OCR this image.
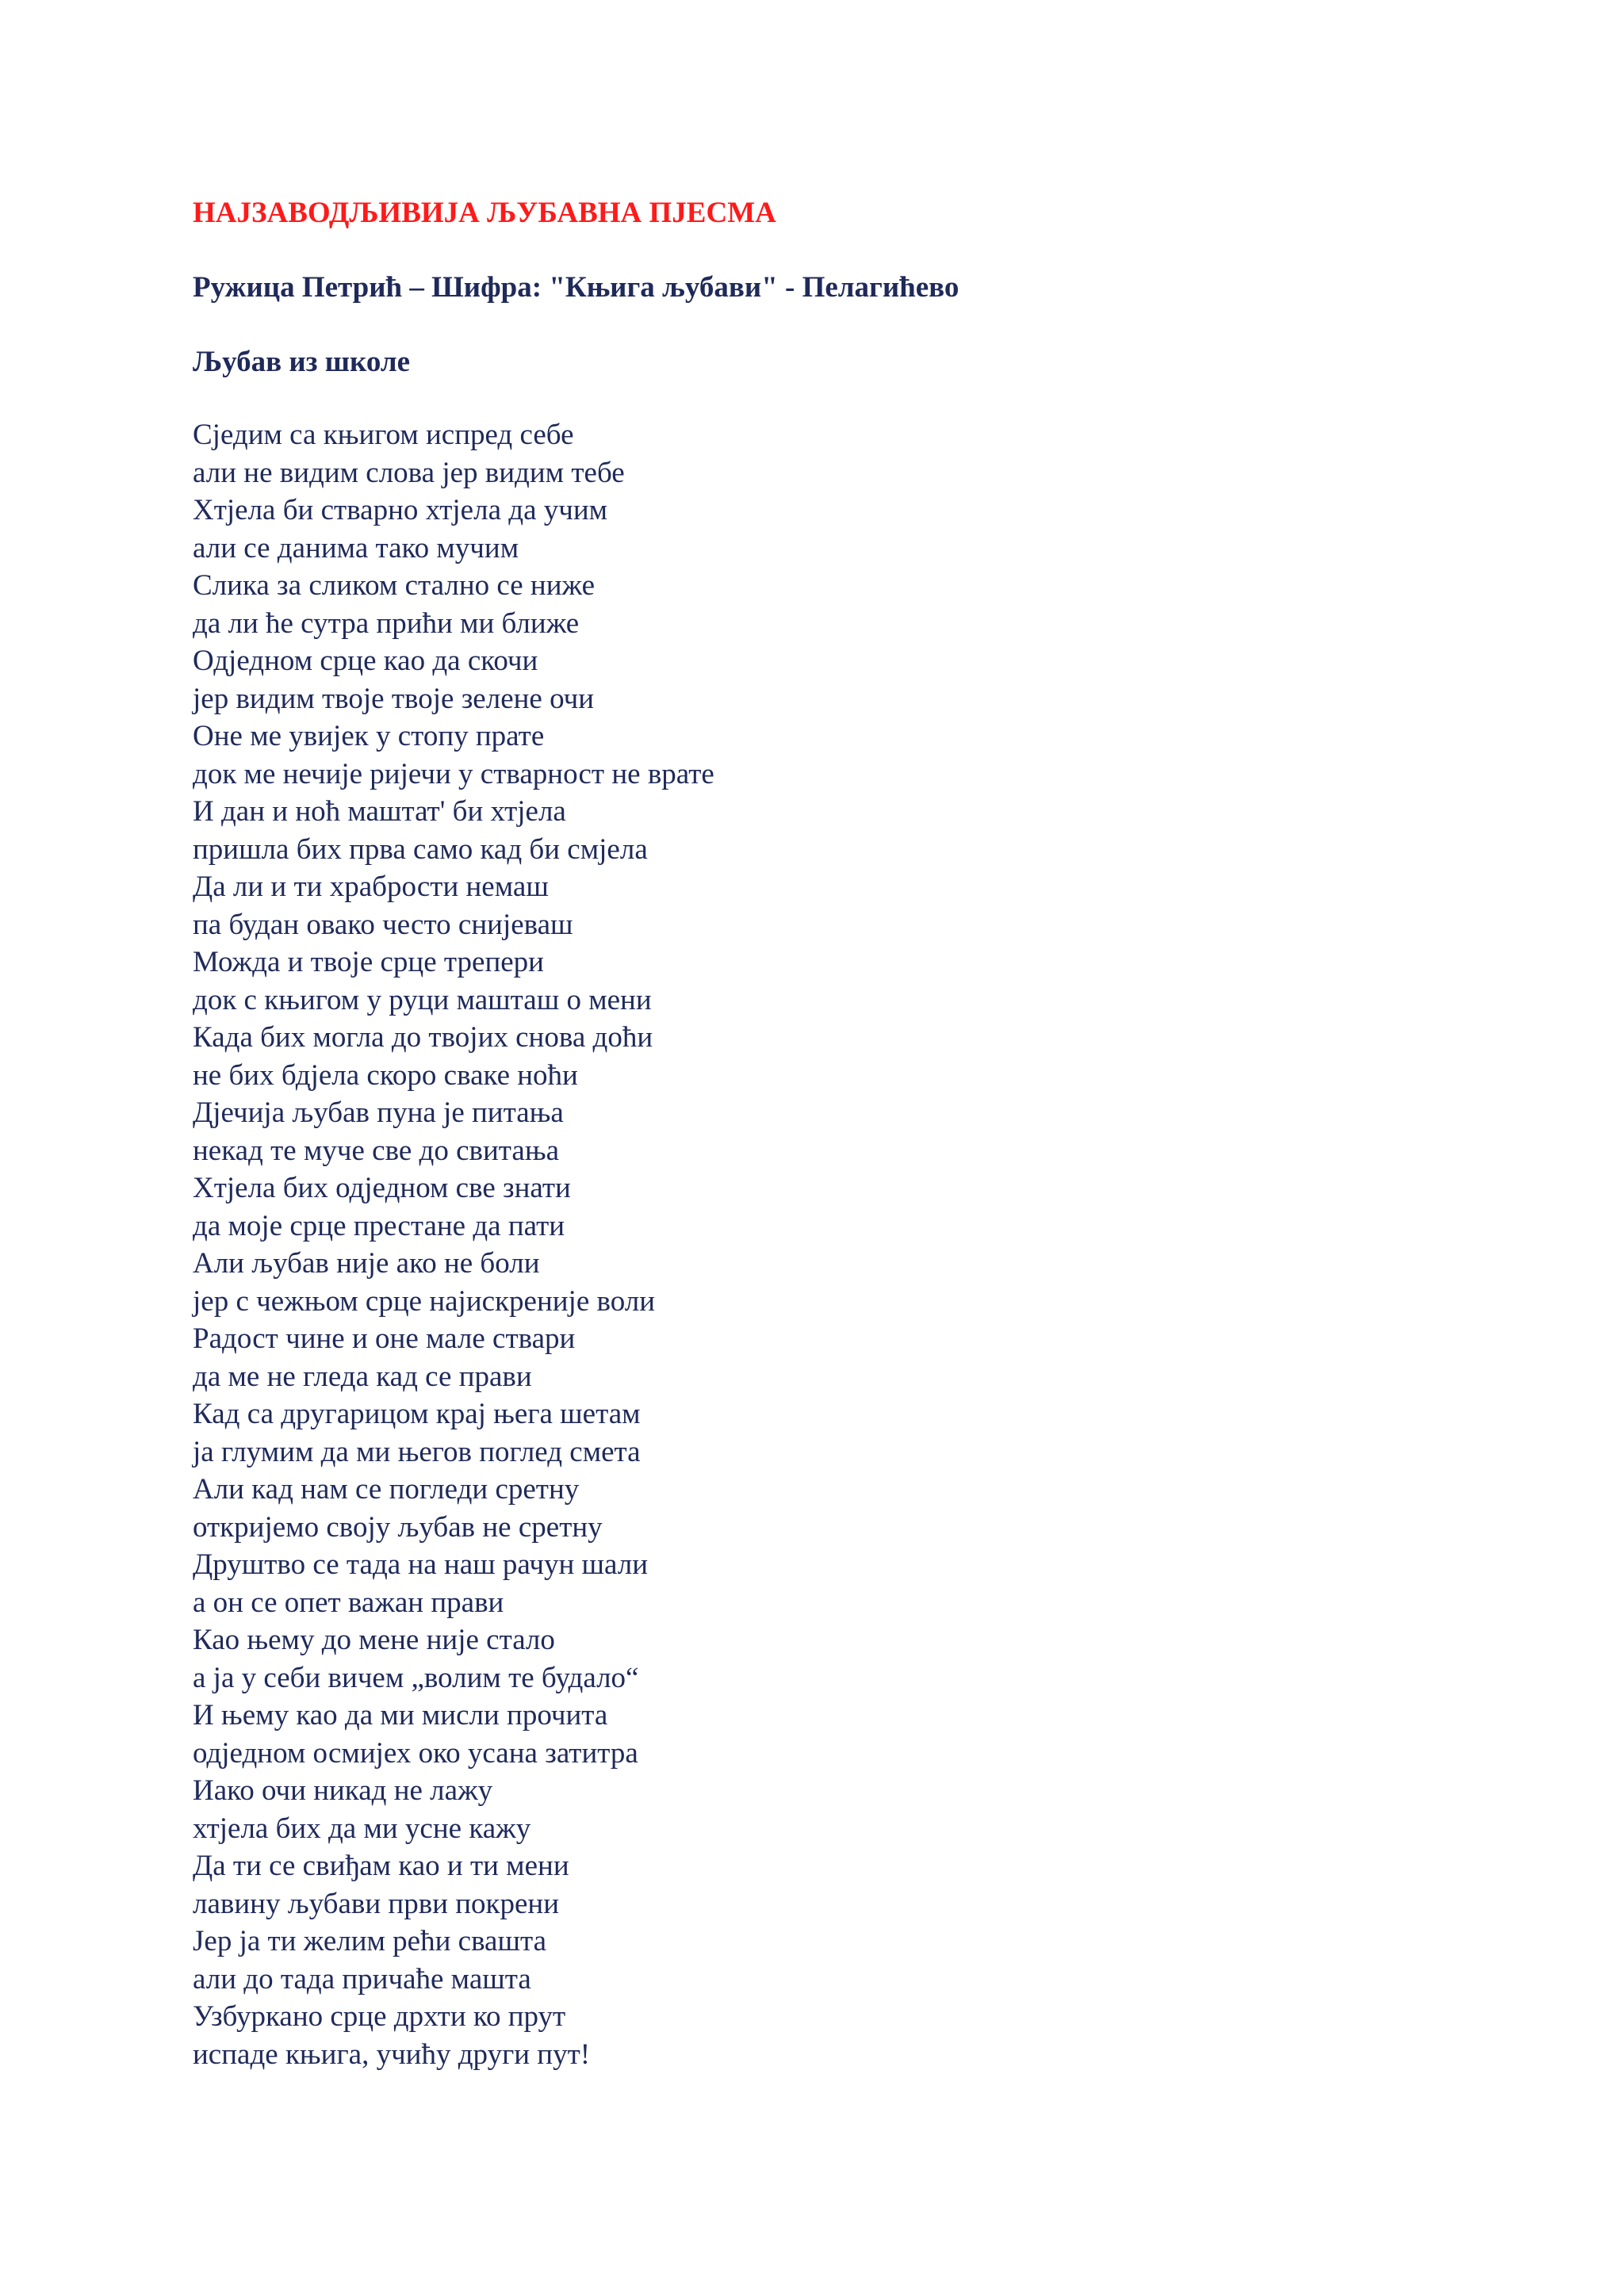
НАЈЗАВОДЉИВИЈА ЉУБАВНА ПЈЕСМА
Ружица Петрић – Шифра: "Књига љубави" - Пелагићево
Љубав из школе
Сједим са књигом испред себе
али не видим слова јер видим тебе
Хтјела би стварно хтјела да учим
али се данима тако мучим
Слика за сликом стално се ниже
да ли ће сутра прићи ми ближе
Одједном срце као да скочи
јер видим твоје твоје зелене очи
Оне ме увијек у стопу прате
док ме нечије ријечи у стварност не врате
И дан и ноћ маштат' би хтјела
пришла бих прва само кад би смјела
Да ли и ти храбрости немаш
па будан овако често снијеваш
Можда и твоје срце трепери
док с књигом у руци машташ о мени
Када бих могла до твојих снова доћи
не бих бдјела скоро сваке ноћи
Дјечија љубав пуна је питања
некад те муче све до свитања
Хтјела бих одједном све знати
да моје срце престане да пати
Али љубав није ако не боли
јер с чежњом срце најискреније воли
Радост чине и оне мале ствари
да ме не гледа кад се прави
Кад са другарицом крај њега шетам
ја глумим да ми његов поглед смета
Али кад нам се погледи сретну
откријемо своју љубав не сретну
Друштво се тада на наш рачун шали
а он се опет важан прави
Као њему до мене није стало
а ја у себи вичем „волим те будало“
И њему као да ми мисли прочита
одједном осмијех око усана затитра
Иако очи никад не лажу
хтјела бих да ми усне кажу
Да ти се свиђам као и ти мени
лавину љубави први покрени
Јер ја ти желим рећи свашта
али до тада причаће машта
Узбуркано срце дрхти ко прут
испаде књига, учићу други пут!
